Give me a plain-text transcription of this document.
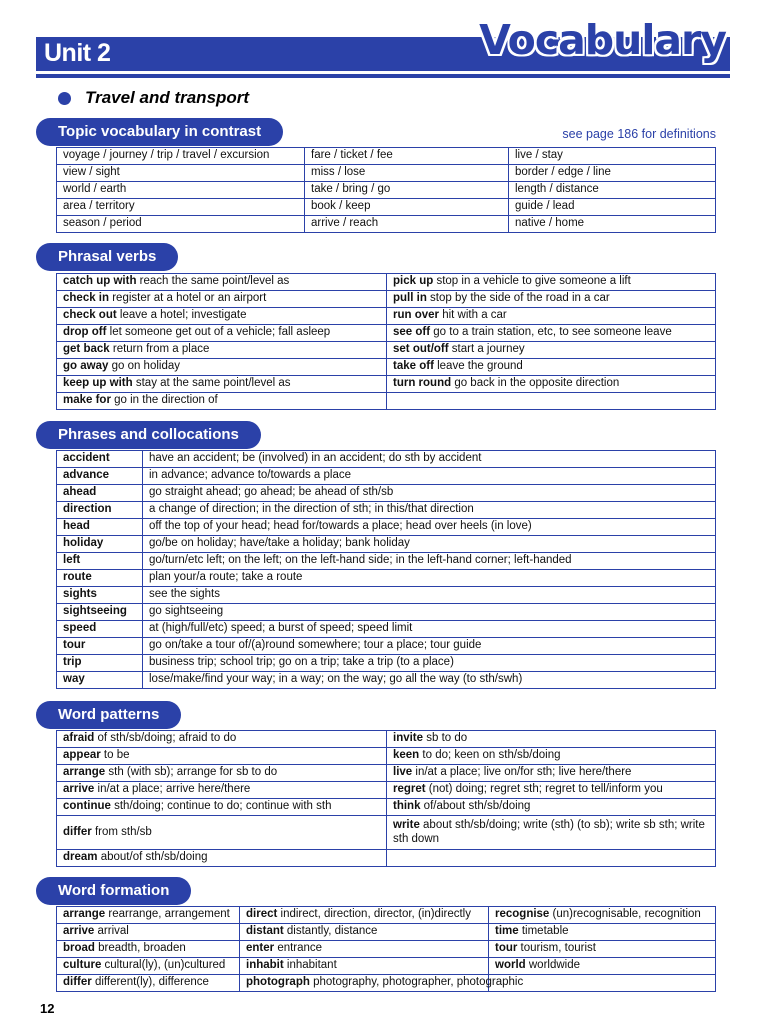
Unit 2	Vocabulary
Travel and transport
Topic vocabulary in contrast	see page 186 for definitions
voyage / journey / trip / travel / excursion	fare / ticket / fee	live / stay
view / sight	miss / lose	border / edge / line
world / earth	take / bring / go	length / distance
area / territory	book / keep	guide / lead
season / period	arrive / reach	native / home
Phrasal verbs
catch up with reach the same point/level as	pick up stop in a vehicle to give someone a lift
check in register at a hotel or an airport	pull in stop by the side of the road in a car
check out leave a hotel; investigate	run over hit with a car
drop off let someone get out of a vehicle; fall asleep	see off go to a train station, etc, to see someone leave
get back return from a place	set out/off start a journey
go away go on holiday	take off leave the ground
keep up with stay at the same point/level as	turn round go back in the opposite direction
make for go in the direction of	
Phrases and collocations
accident	have an accident; be (involved) in an accident; do sth by accident
advance	in advance; advance to/towards a place
ahead	go straight ahead; go ahead; be ahead of sth/sb
direction	a change of direction; in the direction of sth; in this/that direction
head	off the top of your head; head for/towards a place; head over heels (in love)
holiday	go/be on holiday; have/take a holiday; bank holiday
left	go/turn/etc left; on the left; on the left-hand side; in the left-hand corner; left-handed
route	plan your/a route; take a route
sights	see the sights
sightseeing	go sightseeing
speed	at (high/full/etc) speed; a burst of speed; speed limit
tour	go on/take a tour of/(a)round somewhere; tour a place; tour guide
trip	business trip; school trip; go on a trip; take a trip (to a place)
way	lose/make/find your way; in a way; on the way; go all the way (to sth/swh)
Word patterns
afraid of sth/sb/doing; afraid to do	invite sb to do
appear to be	keen to do; keen on sth/sb/doing
arrange sth (with sb); arrange for sb to do	live in/at a place; live on/for sth; live here/there
arrive in/at a place; arrive here/there	regret (not) doing; regret sth; regret to tell/inform you
continue sth/doing; continue to do; continue with sth	think of/about sth/sb/doing
differ from sth/sb	write about sth/sb/doing; write (sth) (to sb); write sb sth; write sth down
dream about/of sth/sb/doing	
Word formation
arrange rearrange, arrangement	direct indirect, direction, director, (in)directly	recognise (un)recognisable, recognition
arrive arrival	distant distantly, distance	time timetable
broad breadth, broaden	enter entrance	tour tourism, tourist
culture cultural(ly), (un)cultured	inhabit inhabitant	world worldwide
differ different(ly), difference	photograph photography, photographer, photographic	
12
